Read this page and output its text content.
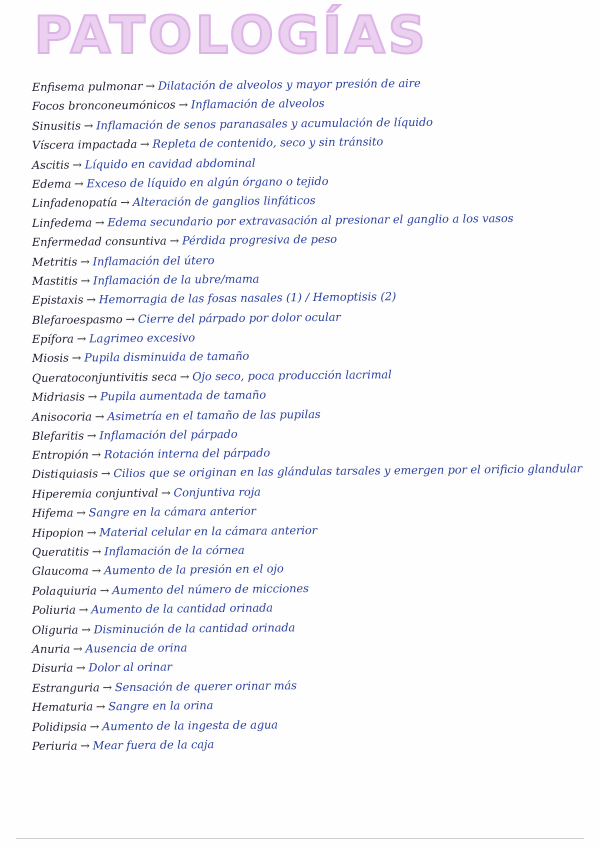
PATOLOGÍAS
Enfisema pulmonar → Dilatación de alveolos y mayor presión de aire
Focos bronconeumónicos → Inflamación de alveolos
Sinusitis → Inflamación de senos paranasales y acumulación de líquido
Víscera impactada → Repleta de contenido, seco y sin tránsito
Ascitis → Líquido en cavidad abdominal
Edema → Exceso de líquido en algún órgano o tejido
Linfadenopatía → Alteración de ganglios linfáticos
Linfedema → Edema secundario por extravasación al presionar el ganglio a los vasos
Enfermedad consuntiva → Pérdida progresiva de peso
Metritis → Inflamación del útero
Mastitis → Inflamación de la ubre/mama
Epistaxis → Hemorragia de las fosas nasales (1) / Hemoptisis (2)
Blefaroespasmo → Cierre del párpado por dolor ocular
Epífora → Lagrimeo excesivo
Miosis → Pupila disminuida de tamaño
Queratoconjuntivitis seca → Ojo seco, poca producción lacrimal
Midriasis → Pupila aumentada de tamaño
Anisocoria → Asimetría en el tamaño de las pupilas
Blefaritis → Inflamación del párpado
Entropión → Rotación interna del párpado
Distiquiasis → Cilios que se originan en las glándulas tarsales y emergen por el orificio glandular
Hiperemia conjuntival → Conjuntiva roja
Hifema → Sangre en la cámara anterior
Hipopion → Material celular en la cámara anterior
Queratitis → Inflamación de la córnea
Glaucoma → Aumento de la presión en el ojo
Polaquiuria → Aumento del número de micciones
Poliuria → Aumento de la cantidad orinada
Oliguria → Disminución de la cantidad orinada
Anuria → Ausencia de orina
Disuria → Dolor al orinar
Estranguria → Sensación de querer orinar más
Hematuria → Sangre en la orina
Polidipsia → Aumento de la ingesta de agua
Periuria → Mear fuera de la caja
